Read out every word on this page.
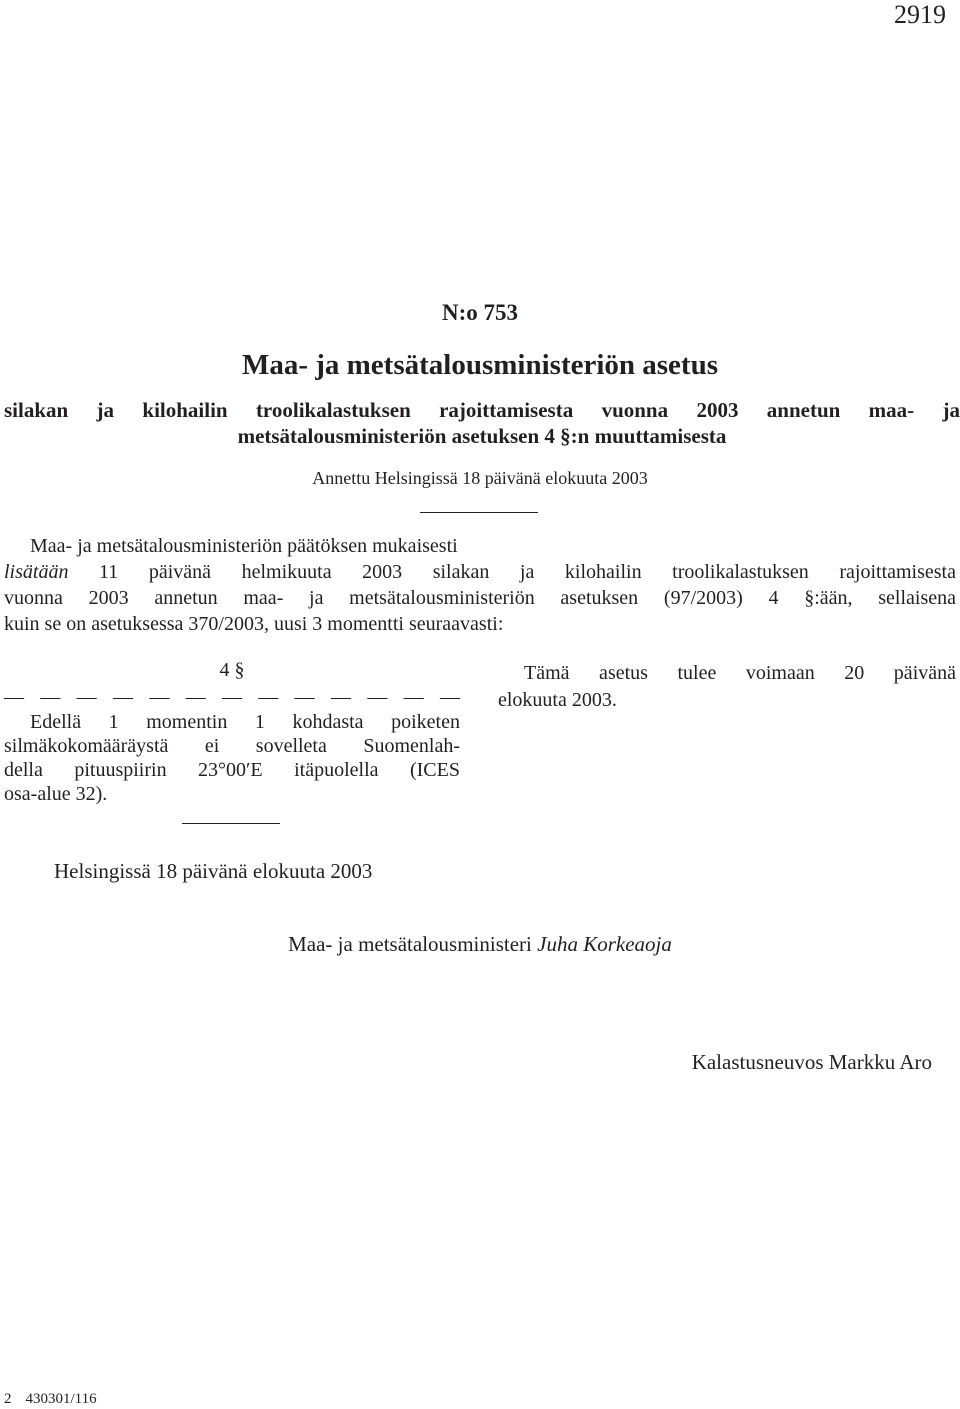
2919
N:o 753
Maa- ja metsätalousministeriön asetus
silakan ja kilohailin troolikalastuksen rajoittamisesta vuonna 2003 annetun maa- ja
metsätalousministeriön asetuksen 4 §:n muuttamisesta
Annettu Helsingissä 18 päivänä elokuuta 2003
Maa- ja metsätalousministeriön päätöksen mukaisesti
lisätään 11 päivänä helmikuuta 2003 silakan ja kilohailin troolikalastuksen rajoittamisesta
vuonna 2003 annetun maa- ja metsätalousministeriön asetuksen (97/2003) 4 §:ään, sellaisena
kuin se on asetuksessa 370/2003, uusi 3 momentti seuraavasti:
4 §
— — — — — — — — — — — — —
Edellä 1 momentin 1 kohdasta poiketen
silmäkokomääräystä ei sovelleta Suomenlah-
della pituuspiirin 23°00′E itäpuolella (ICES
osa-alue 32).
Tämä asetus tulee voimaan 20 päivänä
elokuuta 2003.
Helsingissä 18 päivänä elokuuta 2003
Maa- ja metsätalousministeri Juha Korkeaoja
Kalastusneuvos Markku Aro
2 430301/116
